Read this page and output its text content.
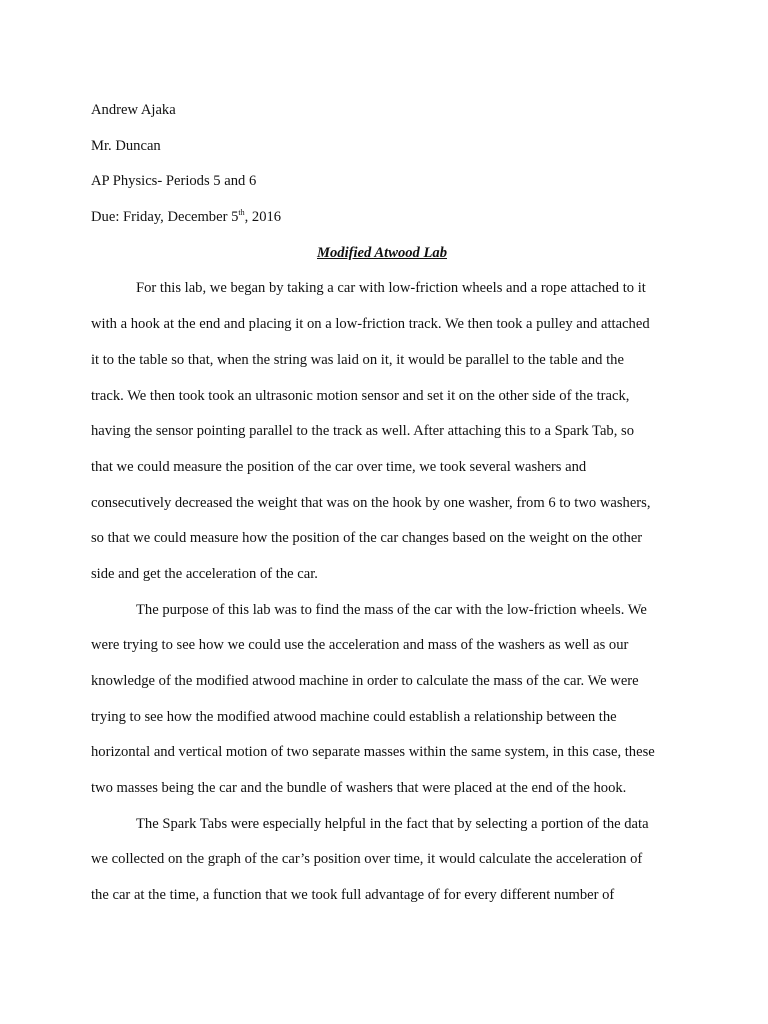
Andrew Ajaka

Mr. Duncan

AP Physics- Periods 5 and 6

Due: Friday, December 5th, 2016

Modified Atwood Lab

For this lab, we began by taking a car with low-friction wheels and a rope attached to it
with a hook at the end and placing it on a low-friction track. We then took a pulley and attached
it to the table so that, when the string was laid on it, it would be parallel to the table and the
track. We then took took an ultrasonic motion sensor and set it on the other side of the track,
having the sensor pointing parallel to the track as well. After attaching this to a Spark Tab, so
that we could measure the position of the car over time, we took several washers and
consecutively decreased the weight that was on the hook by one washer, from 6 to two washers,
so that we could measure how the position of the car changes based on the weight on the other
side and get the acceleration of the car.

The purpose of this lab was to find the mass of the car with the low-friction wheels. We
were trying to see how we could use the acceleration and mass of the washers as well as our
knowledge of the modified atwood machine in order to calculate the mass of the car. We were
trying to see how the modified atwood machine could establish a relationship between the
horizontal and vertical motion of two separate masses within the same system, in this case, these
two masses being the car and the bundle of washers that were placed at the end of the hook.

The Spark Tabs were especially helpful in the fact that by selecting a portion of the data
we collected on the graph of the car’s position over time, it would calculate the acceleration of
the car at the time, a function that we took full advantage of for every different number of
